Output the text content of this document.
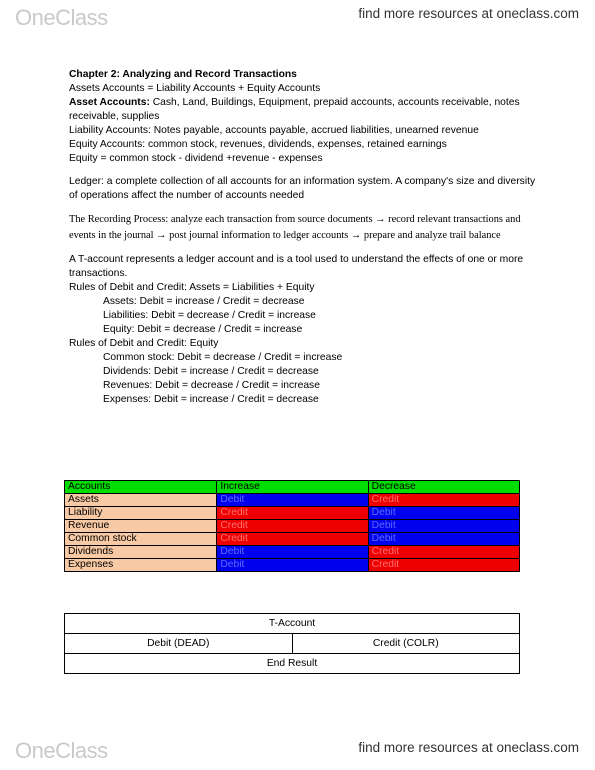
OneClass	find more resources at oneclass.com

Chapter 2: Analyzing and Record Transactions

Assets Accounts = Liability Accounts + Equity Accounts

Asset Accounts: Cash, Land, Buildings, Equipment, prepaid accounts, accounts receivable, notes receivable, supplies

Liability Accounts: Notes payable, accounts payable, accrued liabilities, unearned revenue

Equity Accounts: common stock, revenues, dividends, expenses, retained earnings

Equity = common stock - dividend +revenue - expenses

Ledger: a complete collection of all accounts for an information system. A company's size and diversity of operations affect the number of accounts needed

The Recording Process: analyze each transaction from source documents → record relevant transactions and events in the journal → post journal information to ledger accounts → prepare and analyze trail balance

A T-account represents a ledger account and is a tool used to understand the effects of one or more transactions.

Rules of Debit and Credit: Assets = Liabilities + Equity

Assets: Debit = increase / Credit = decrease

Liabilities: Debit = decrease / Credit = increase

Equity: Debit = decrease / Credit = increase

Rules of Debit and Credit: Equity

Common stock: Debit = decrease / Credit = increase

Dividends: Debit = increase / Credit = decrease

Revenues: Debit = decrease / Credit = increase

Expenses: Debit = increase / Credit = decrease

Accounts	Increase	Decrease
Assets	Debit	Credit
Liability	Credit	Debit
Revenue	Credit	Debit
Common stock	Credit	Debit
Dividends	Debit	Credit
Expenses	Debit	Credit
T-Account
Debit (DEAD)	Credit (COLR)
End Result
OneClass	find more resources at oneclass.com
